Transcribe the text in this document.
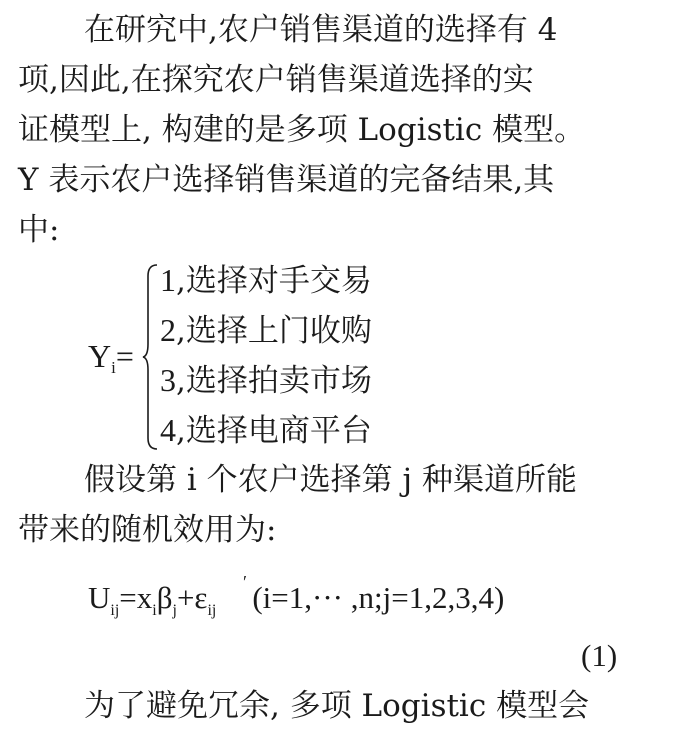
在研究中,农户销售渠道的选择有 4
项,因此,在探究农户销售渠道选择的实
证模型上, 构建的是多项 Logistic 模型。
Y 表示农户选择销售渠道的完备结果,其
中:
$Y_i=$
1,选择对手交易
2,选择上门收购
3,选择拍卖市场
4,选择电商平台
假设第 i 个农户选择第 j 种渠道所能
带来的随机效用为:
$U_{ij}=x_i$
′
$\beta_j+\varepsilon_{ij}$ (i=1,··· ,n;j=1,2,3,4)
(1)
为了避免冗余, 多项 Logistic 模型会
